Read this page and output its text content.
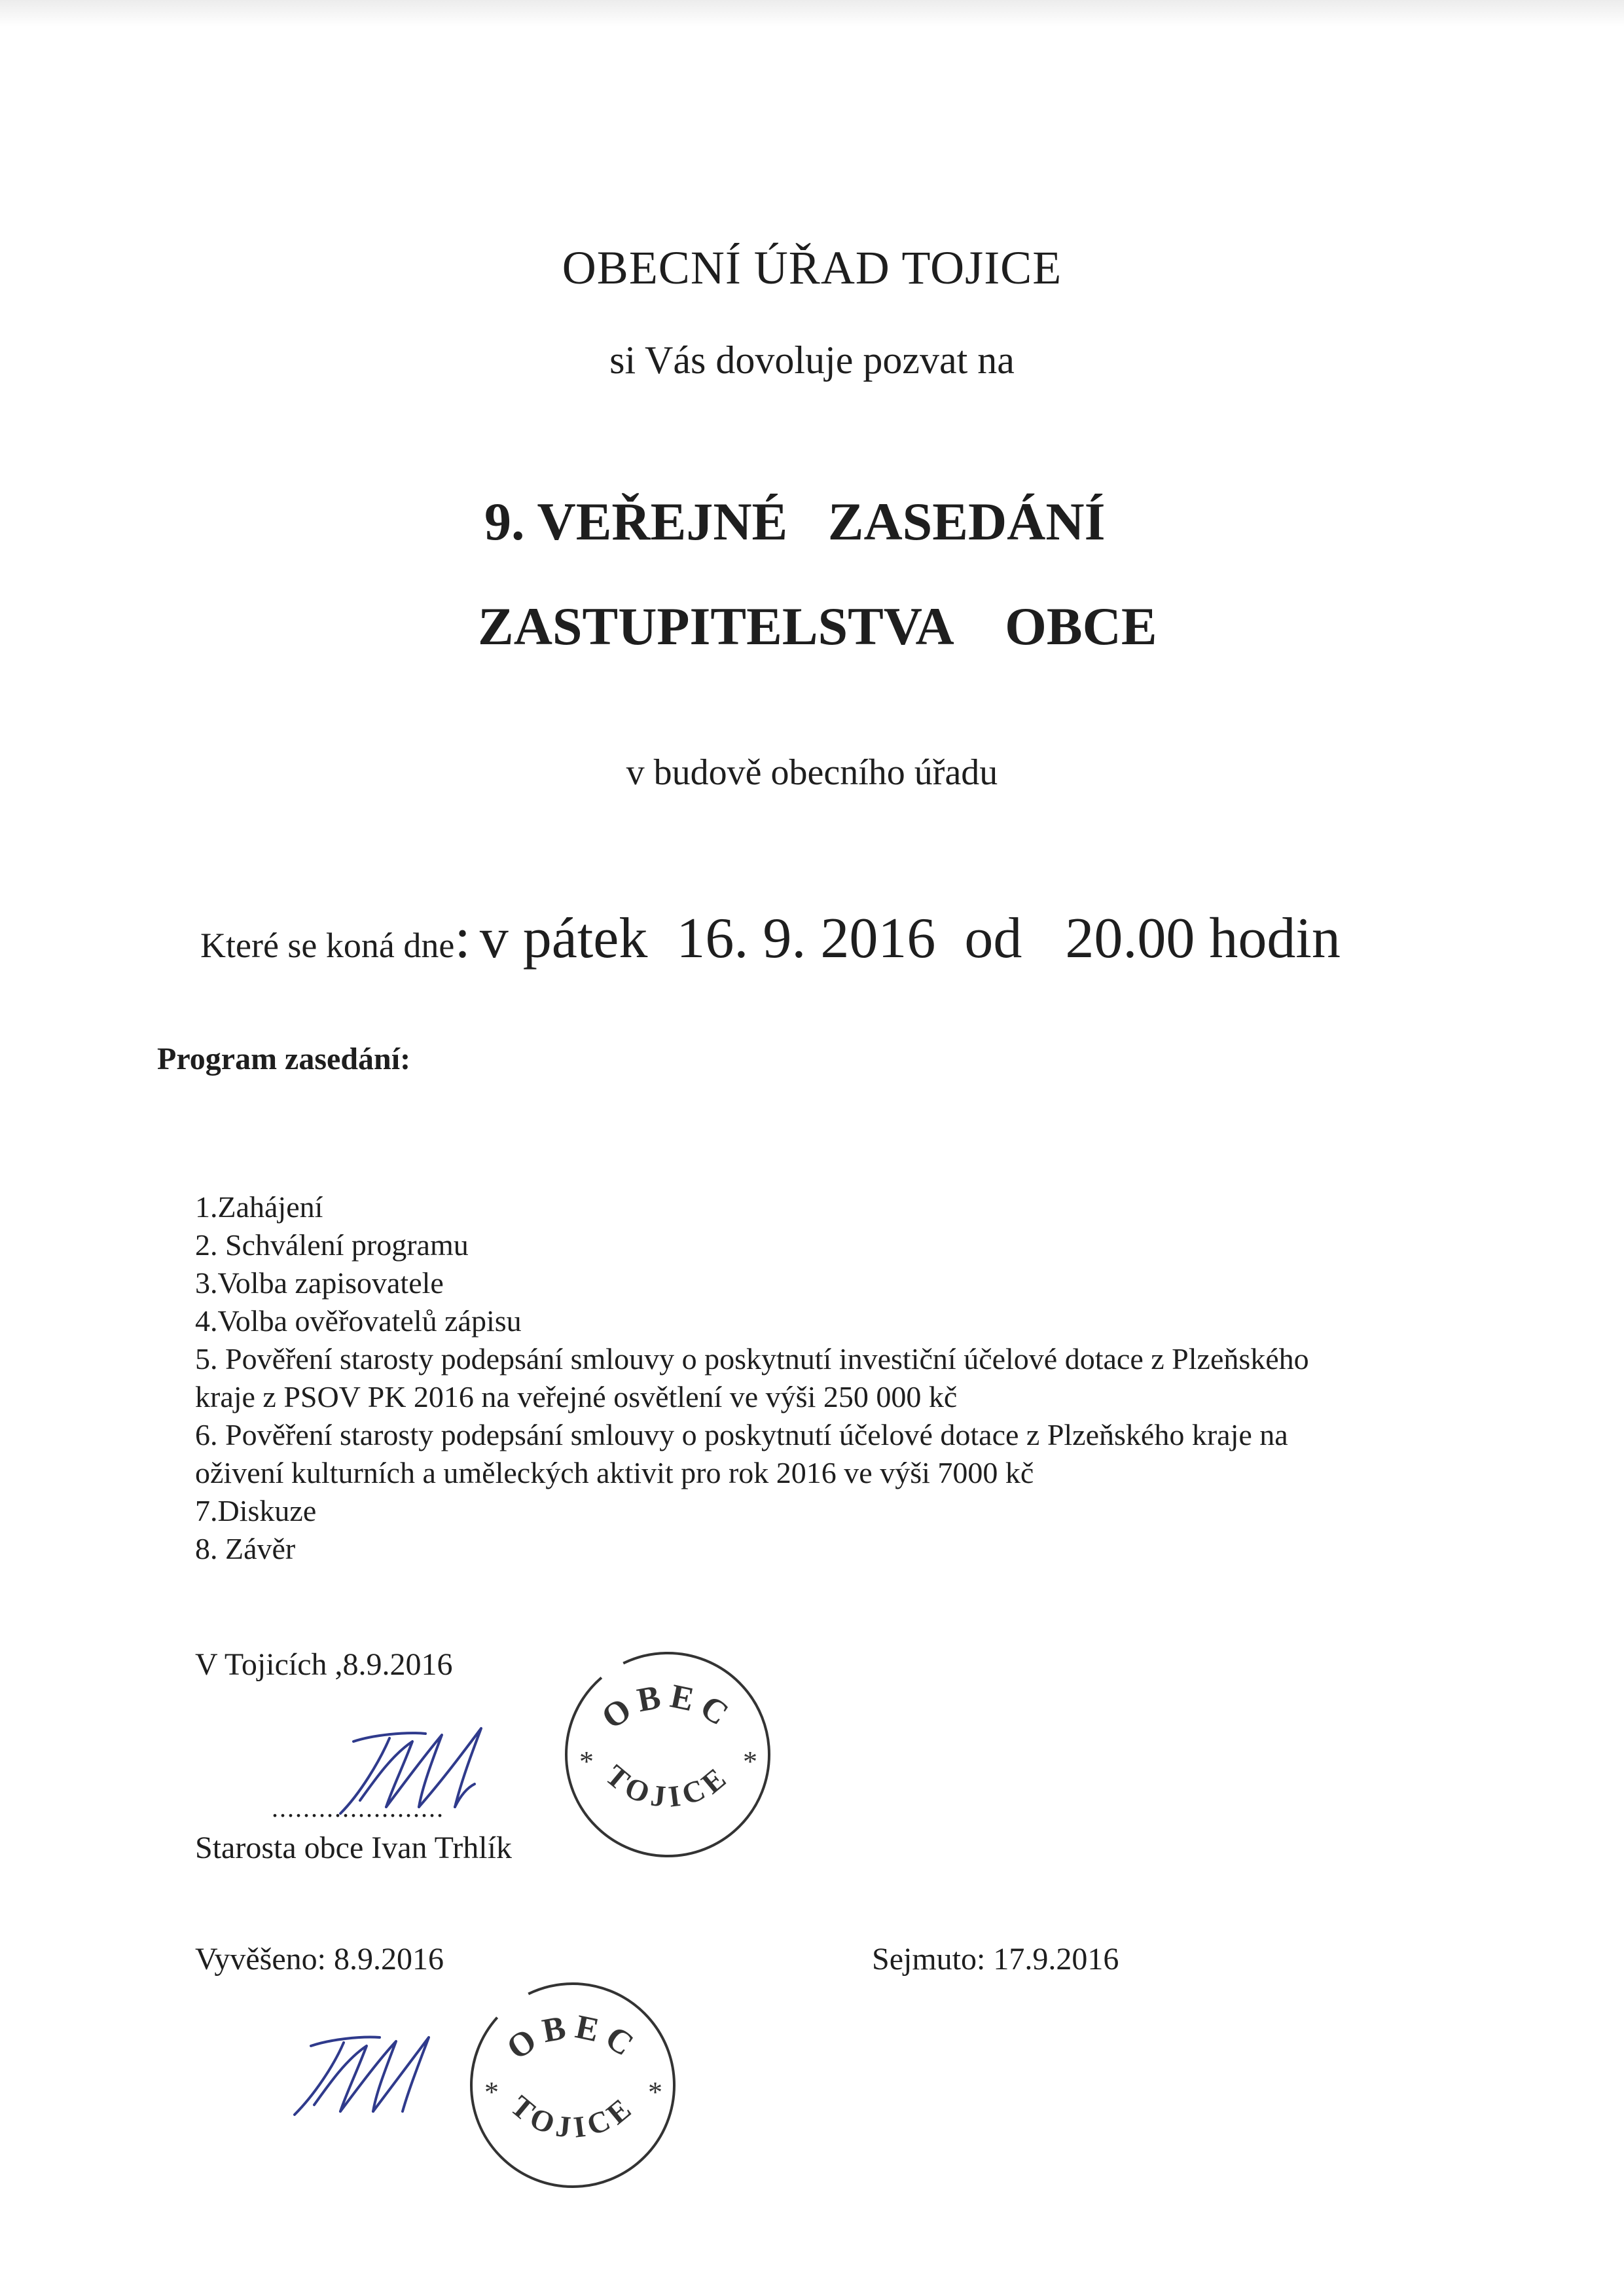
OBECNÍ ÚŘAD TOJICE
si Vás dovoluje pozvat na
9. VEŘEJNÉ   ZASEDÁNÍ
ZASTUPITELSTVA    OBCE
v budově obecního úřadu

Které se koná dne: v pátek  16. 9. 2016  od   20.00 hodin

Program zasedání:
1.Zahájení
2. Schválení programu
3.Volba zapisovatele
4.Volba ověřovatelů zápisu
5. Pověření starosty podepsání smlouvy o poskytnutí investiční účelové dotace z Plzeňského
kraje z PSOV PK 2016 na veřejné osvětlení ve výši 250 000 kč
6. Pověření starosty podepsání smlouvy o poskytnutí účelové dotace z Plzeňského kraje na
oživení kulturních a uměleckých aktivit pro rok 2016 ve výši 7000 kč
7.Diskuze
8. Závěr
V Tojicích ,8.9.2016
......................
Starosta obce Ivan Trhlík
OBEC
TOJICE
*	*
Vyvěšeno: 8.9.2016	Sejmuto: 17.9.2016
OBEC
TOJICE
*	*
